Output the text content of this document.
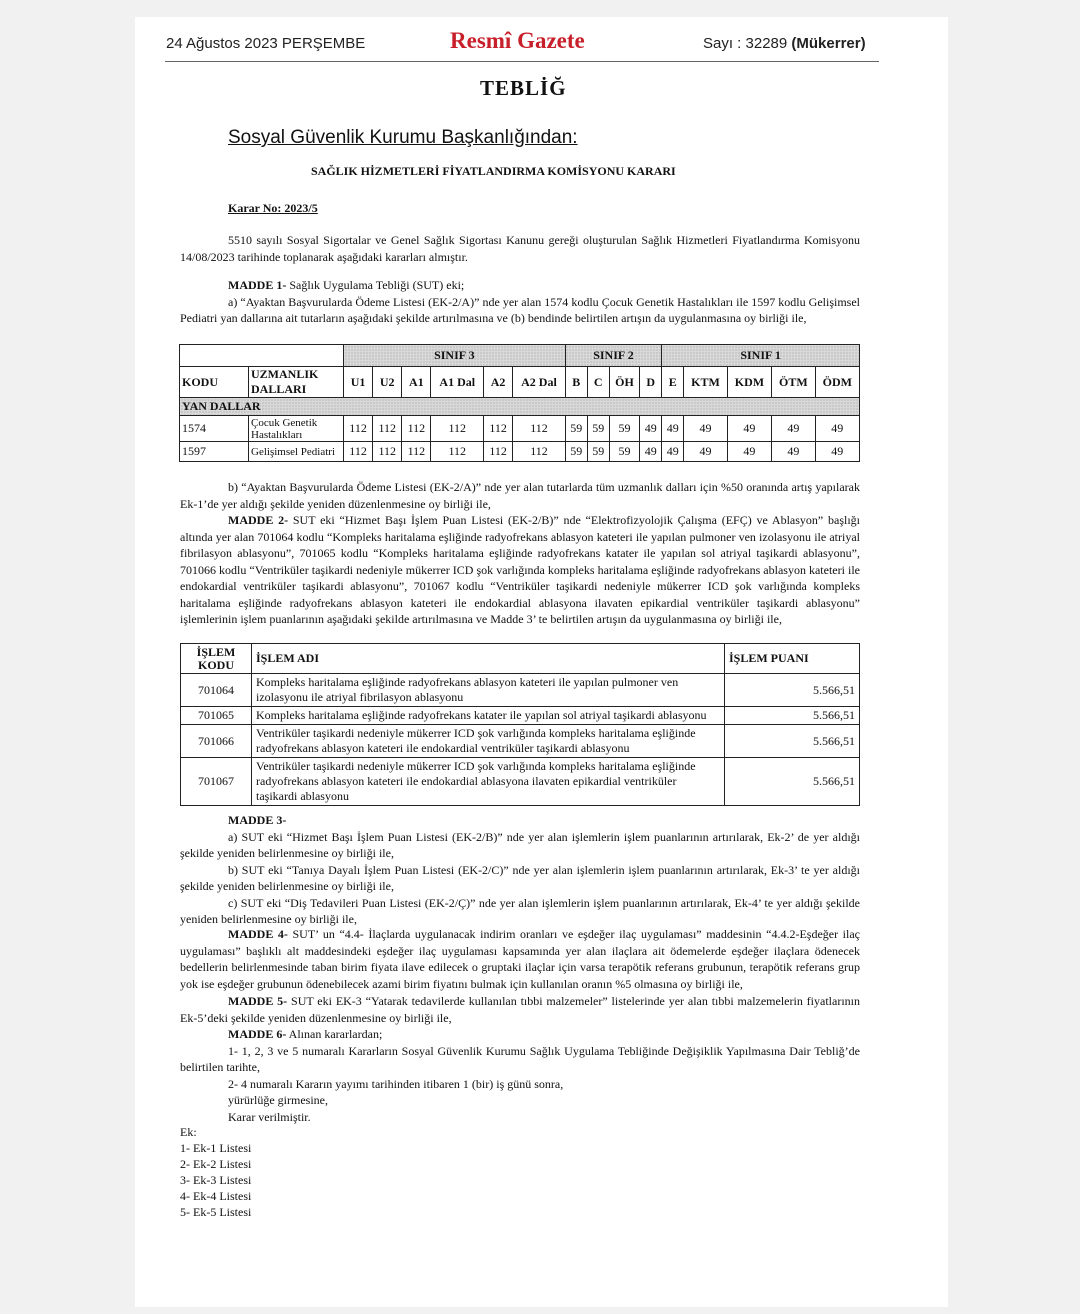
24 Ağustos 2023 PERŞEMBE	Resmî Gazete	Sayı : 32289 (Mükerrer)
TEBLİĞ
Sosyal Güvenlik Kurumu Başkanlığından:
SAĞLIK HİZMETLERİ FİYATLANDIRMA KOMİSYONU KARARI
Karar No: 2023/5
5510 sayılı Sosyal Sigortalar ve Genel Sağlık Sigortası Kanunu gereği oluşturulan Sağlık Hizmetleri Fiyatlandırma Komisyonu 14/08/2023 tarihinde toplanarak aşağıdaki kararları almıştır.
MADDE 1- Sağlık Uygulama Tebliği (SUT) eki;
a) “Ayaktan Başvurularda Ödeme Listesi (EK-2/A)” nde yer alan 1574 kodlu Çocuk Genetik Hastalıkları ile 1597 kodlu Gelişimsel Pediatri yan dallarına ait tutarların aşağıdaki şekilde artırılmasına ve (b) bendinde belirtilen artışın da uygulanmasına oy birliği ile,
		SINIF 3						SINIF 2				SINIF 1				
KODU	UZMANLIK DALLARI	U1	U2	A1	A1 Dal	A2	A2 Dal	B	C	ÖH	D	E	KTM	KDM	ÖTM	ÖDM
YAN DALLAR																
1574	Çocuk Genetik Hastalıkları	112	112	112	112	112	112	59	59	59	49	49	49	49	49	49
1597	Gelişimsel Pediatri	112	112	112	112	112	112	59	59	59	49	49	49	49	49	49
b) “Ayaktan Başvurularda Ödeme Listesi (EK-2/A)” nde yer alan tutarlarda tüm uzmanlık dalları için %50 oranında artış yapılarak Ek-1’de yer aldığı şekilde yeniden düzenlenmesine oy birliği ile,
MADDE 2- SUT eki “Hizmet Başı İşlem Puan Listesi (EK-2/B)” nde “Elektrofizyolojik Çalışma (EFÇ) ve Ablasyon” başlığı altında yer alan 701064 kodlu “Kompleks haritalama eşliğinde radyofrekans ablasyon kateteri ile yapılan pulmoner ven izolasyonu ile atriyal fibrilasyon ablasyonu”, 701065 kodlu “Kompleks haritalama eşliğinde radyofrekans katater ile yapılan sol atriyal taşikardi ablasyonu”, 701066 kodlu “Ventriküler taşikardi nedeniyle mükerrer ICD şok varlığında kompleks haritalama eşliğinde radyofrekans ablasyon kateteri ile endokardial ventriküler taşikardi ablasyonu”, 701067 kodlu “Ventriküler taşikardi nedeniyle mükerrer ICD şok varlığında kompleks haritalama eşliğinde radyofrekans ablasyon kateteri ile endokardial ablasyona ilavaten epikardial ventriküler taşikardi ablasyonu” işlemlerinin işlem puanlarının aşağıdaki şekilde artırılmasına ve Madde 3’ te belirtilen artışın da uygulanmasına oy birliği ile,
İŞLEM KODU	İŞLEM ADI	İŞLEM PUANI
701064	Kompleks haritalama eşliğinde radyofrekans ablasyon kateteri ile yapılan pulmoner ven izolasyonu ile atriyal fibrilasyon ablasyonu	5.566,51
701065	Kompleks haritalama eşliğinde radyofrekans katater ile yapılan sol atriyal taşikardi ablasyonu	5.566,51
701066	Ventriküler taşikardi nedeniyle mükerrer ICD şok varlığında kompleks haritalama eşliğinde radyofrekans ablasyon kateteri ile endokardial ventriküler taşikardi ablasyonu	5.566,51
701067	Ventriküler taşikardi nedeniyle mükerrer ICD şok varlığında kompleks haritalama eşliğinde radyofrekans ablasyon kateteri ile endokardial ablasyona ilavaten epikardial ventriküler taşikardi ablasyonu	5.566,51
MADDE 3-
a) SUT eki “Hizmet Başı İşlem Puan Listesi (EK-2/B)” nde yer alan işlemlerin işlem puanlarının artırılarak, Ek-2’ de yer aldığı şekilde yeniden belirlenmesine oy birliği ile,
b) SUT eki “Tanıya Dayalı İşlem Puan Listesi (EK-2/C)” nde yer alan işlemlerin işlem puanlarının artırılarak, Ek-3’ te yer aldığı şekilde yeniden belirlenmesine oy birliği ile,
c) SUT eki “Diş Tedavileri Puan Listesi (EK-2/Ç)” nde yer alan işlemlerin işlem puanlarının artırılarak, Ek-4’ te yer aldığı şekilde yeniden belirlenmesine oy birliği ile,
MADDE 4- SUT’ un “4.4- İlaçlarda uygulanacak indirim oranları ve eşdeğer ilaç uygulaması” maddesinin “4.4.2-Eşdeğer ilaç uygulaması” başlıklı alt maddesindeki eşdeğer ilaç uygulaması kapsamında yer alan ilaçlara ait ödemelerde eşdeğer ilaçlara ödenecek bedellerin belirlenmesinde taban birim fiyata ilave edilecek o gruptaki ilaçlar için varsa terapötik referans grubunun, terapötik referans grup yok ise eşdeğer grubunun ödenebilecek azami birim fiyatını bulmak için kullanılan oranın %5 olmasına oy birliği ile,
MADDE 5- SUT eki EK-3 “Yatarak tedavilerde kullanılan tıbbi malzemeler” listelerinde yer alan tıbbi malzemelerin fiyatlarının Ek-5’deki şekilde yeniden düzenlenmesine oy birliği ile,
MADDE 6- Alınan kararlardan;
1- 1, 2, 3 ve 5 numaralı Kararların Sosyal Güvenlik Kurumu Sağlık Uygulama Tebliğinde Değişiklik Yapılmasına Dair Tebliğ’de belirtilen tarihte,
2- 4 numaralı Kararın yayımı tarihinden itibaren 1 (bir) iş günü sonra,
yürürlüğe girmesine,
Karar verilmiştir.
Ek:
1- Ek-1 Listesi
2- Ek-2 Listesi
3- Ek-3 Listesi
4- Ek-4 Listesi
5- Ek-5 Listesi
